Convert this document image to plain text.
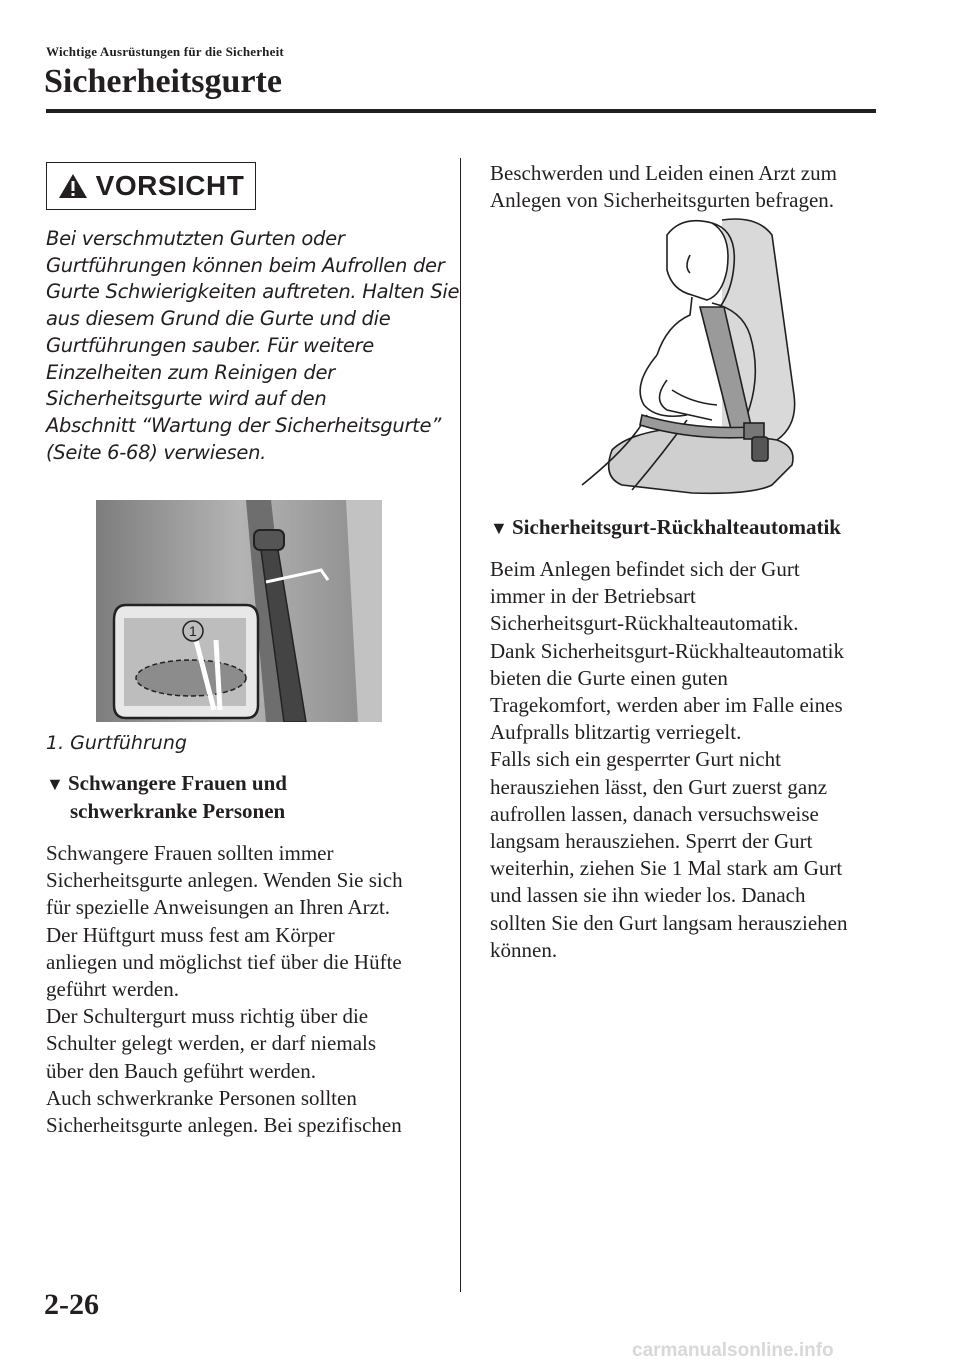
Wichtige Ausrüstungen für die Sicherheit
Sicherheitsgurte
VORSICHT
Bei verschmutzten Gurten oder
Gurtführungen können beim Aufrollen der
Gurte Schwierigkeiten auftreten. Halten Sie
aus diesem Grund die Gurte und die
Gurtführungen sauber. Für weitere
Einzelheiten zum Reinigen der
Sicherheitsgurte wird auf den
Abschnitt “Wartung der Sicherheitsgurte”
(Seite 6-68) verwiesen.
1
1. Gurtführung
▼ Schwangere Frauen und
schwerkranke Personen
Schwangere Frauen sollten immer
Sicherheitsgurte anlegen. Wenden Sie sich
für spezielle Anweisungen an Ihren Arzt.
Der Hüftgurt muss fest am Körper
anliegen und möglichst tief über die Hüfte
geführt werden.
Der Schultergurt muss richtig über die
Schulter gelegt werden, er darf niemals
über den Bauch geführt werden.
Auch schwerkranke Personen sollten
Sicherheitsgurte anlegen. Bei spezifischen
Beschwerden und Leiden einen Arzt zum
Anlegen von Sicherheitsgurten befragen.
▼ Sicherheitsgurt-Rückhalteautomatik
Beim Anlegen befindet sich der Gurt
immer in der Betriebsart
Sicherheitsgurt-Rückhalteautomatik.
Dank Sicherheitsgurt-Rückhalteautomatik
bieten die Gurte einen guten
Tragekomfort, werden aber im Falle eines
Aufpralls blitzartig verriegelt.
Falls sich ein gesperrter Gurt nicht
herausziehen lässt, den Gurt zuerst ganz
aufrollen lassen, danach versuchsweise
langsam herausziehen. Sperrt der Gurt
weiterhin, ziehen Sie 1 Mal stark am Gurt
und lassen sie ihn wieder los. Danach
sollten Sie den Gurt langsam herausziehen
können.
2-26
carmanualsonline.info
